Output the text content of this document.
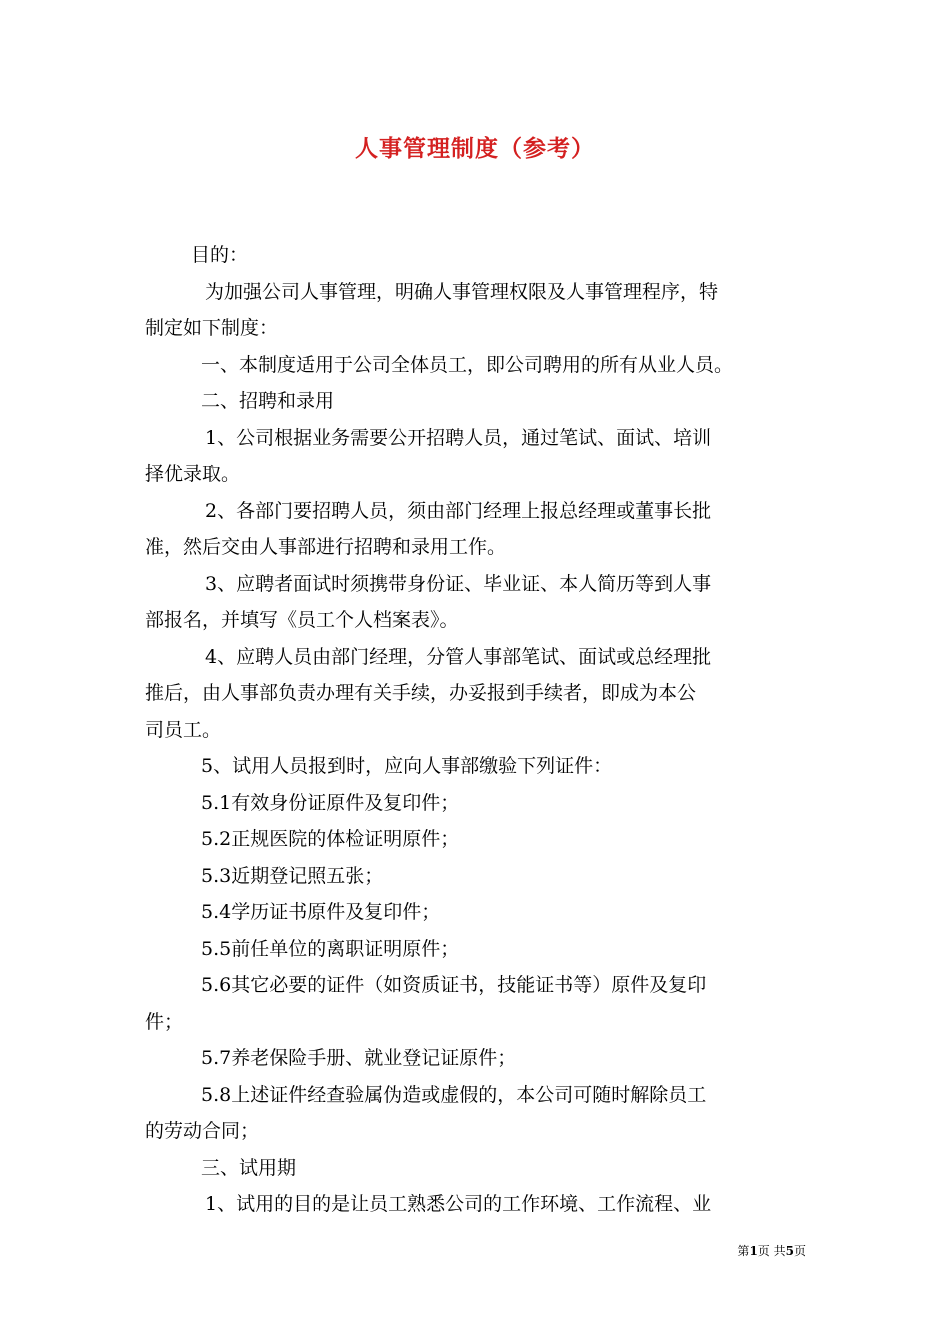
人事管理制度（参考）

目的：

为加强公司人事管理，明确人事管理权限及人事管理程序，特
制定如下制度：

一、本制度适用于公司全体员工，即公司聘用的所有从业人员。

二、招聘和录用

1、公司根据业务需要公开招聘人员，通过笔试、面试、培训
择优录取。

2、各部门要招聘人员，须由部门经理上报总经理或董事长批
准，然后交由人事部进行招聘和录用工作。

3、应聘者面试时须携带身份证、毕业证、本人简历等到人事
部报名，并填写《员工个人档案表》。

4、应聘人员由部门经理，分管人事部笔试、面试或总经理批
推后，由人事部负责办理有关手续，办妥报到手续者，即成为本公
司员工。

5、试用人员报到时，应向人事部缴验下列证件：

5.1有效身份证原件及复印件；

5.2正规医院的体检证明原件；

5.3近期登记照五张；

5.4学历证书原件及复印件；

5.5前任单位的离职证明原件；

5.6其它必要的证件（如资质证书，技能证书等）原件及复印
件；

5.7养老保险手册、就业登记证原件；

5.8上述证件经查验属伪造或虚假的，本公司可随时解除员工
的劳动合同；

三、试用期

1、试用的目的是让员工熟悉公司的工作环境、工作流程、业

第1页 共5页
